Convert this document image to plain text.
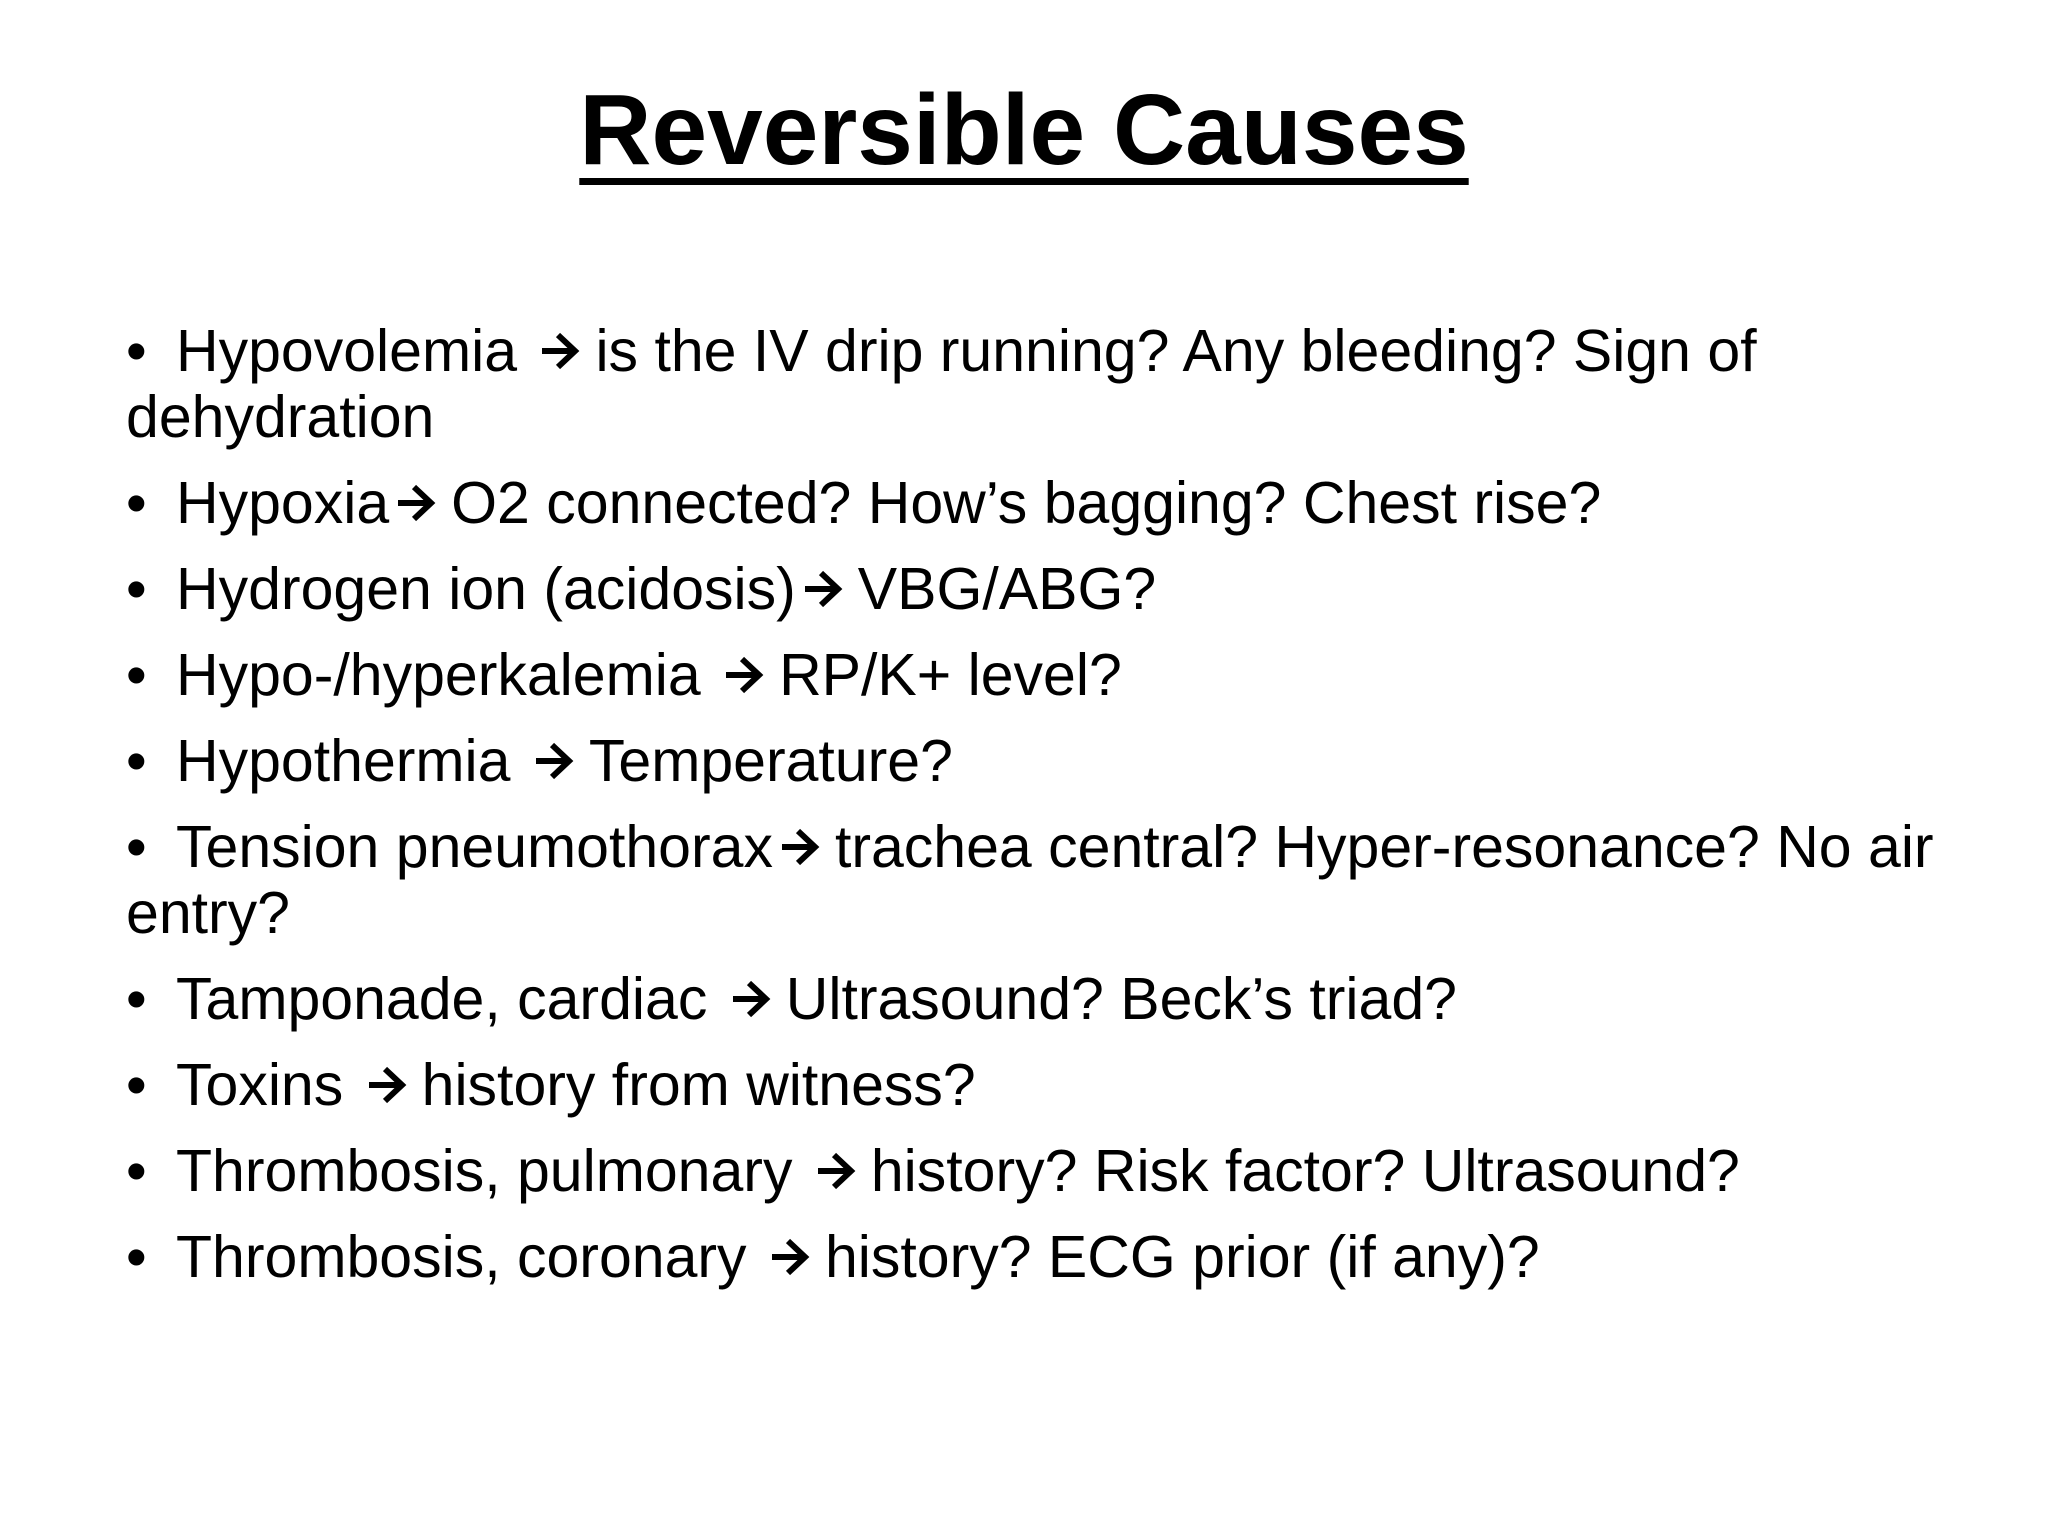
Reversible Causes
• Hypovolemia is the IV drip running? Any bleeding? Sign of dehydration
• Hypoxia O2 connected? How’s bagging? Chest rise?
• Hydrogen ion (acidosis) VBG/ABG?
• Hypo-/hyperkalemia RP/K+ level?
• Hypothermia Temperature?
• Tension pneumothorax trachea central? Hyper-resonance? No air entry?
• Tamponade, cardiac Ultrasound? Beck’s triad?
• Toxins history from witness?
• Thrombosis, pulmonary history? Risk factor? Ultrasound?
• Thrombosis, coronary history? ECG prior (if any)?
